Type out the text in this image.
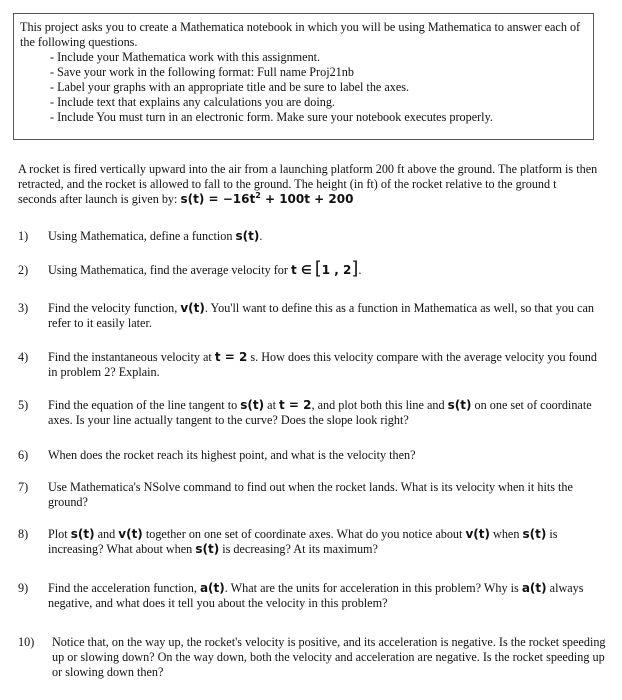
This project asks you to create a Mathematica notebook in which you will be using Mathematica to answer each of the following questions.

- Include your Mathematica work with this assignment.
- Save your work in the following format: Full name Proj21nb
- Label your graphs with an appropriate title and be sure to label the axes.
- Include text that explains any calculations you are doing.
- Include You must turn in an electronic form. Make sure your notebook executes properly.

A rocket is fired vertically upward into the air from a launching platform 200 ft above the ground. The platform is then retracted, and the rocket is allowed to fall to the ground. The height (in ft) of the rocket relative to the ground t seconds after launch is given by: $s(t) = -16t^2 + 100t + 200$

1)	Using Mathematica, define a function s(t).
2)	Using Mathematica, find the average velocity for t ∈ [1 , 2].
3)	Find the velocity function, v(t). You'll want to define this as a function in Mathematica as well, so that you can refer to it easily later.
4)	Find the instantaneous velocity at t = 2 s. How does this velocity compare with the average velocity you found in problem 2? Explain.
5)	Find the equation of the line tangent to s(t) at t = 2, and plot both this line and s(t) on one set of coordinate axes. Is your line actually tangent to the curve? Does the slope look right?
6)	When does the rocket reach its highest point, and what is the velocity then?
7)	Use Mathematica's NSolve command to find out when the rocket lands. What is its velocity when it hits the ground?
8)	Plot s(t) and v(t) together on one set of coordinate axes. What do you notice about v(t) when s(t) is increasing? What about when s(t) is decreasing? At its maximum?
9)	Find the acceleration function, a(t). What are the units for acceleration in this problem? Why is a(t) always negative, and what does it tell you about the velocity in this problem?
10)	Notice that, on the way up, the rocket's velocity is positive, and its acceleration is negative. Is the rocket speeding up or slowing down? On the way down, both the velocity and acceleration are negative. Is the rocket speeding up or slowing down then?
